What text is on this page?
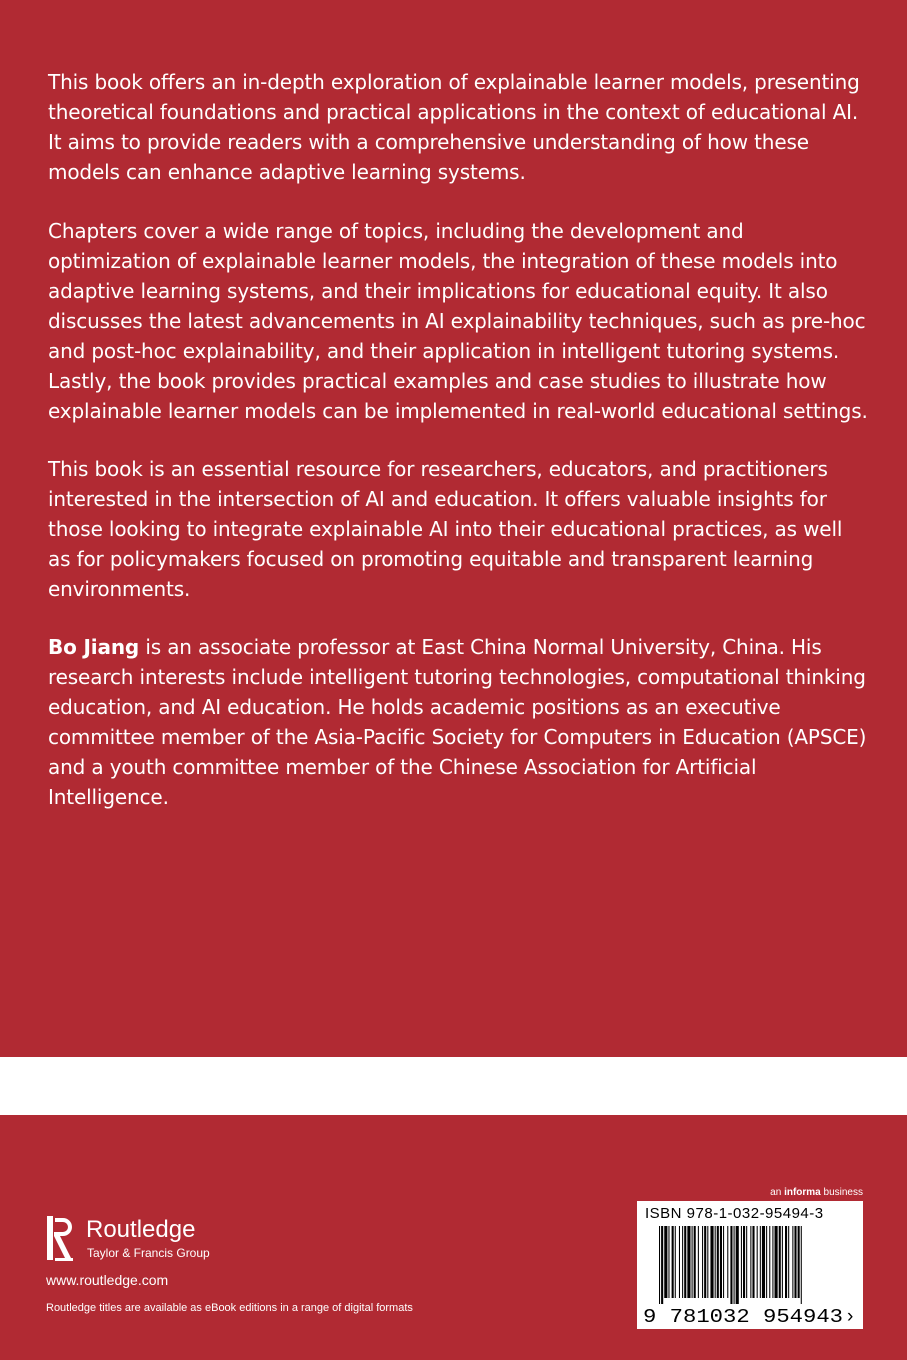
This book offers an in-depth exploration of explainable learner models, presenting theoretical foundations and practical applications in the context of educational AI. It aims to provide readers with a comprehensive understanding of how these models can enhance adaptive learning systems.

Chapters cover a wide range of topics, including the development and optimization of explainable learner models, the integration of these models into adaptive learning systems, and their implications for educational equity. It also discusses the latest advancements in AI explainability techniques, such as pre-hoc and post-hoc explainability, and their application in intelligent tutoring systems. Lastly, the book provides practical examples and case studies to illustrate how explainable learner models can be implemented in real-world educational settings.

This book is an essential resource for researchers, educators, and practitioners interested in the intersection of AI and education. It offers valuable insights for those looking to integrate explainable AI into their educational practices, as well as for policymakers focused on promoting equitable and transparent learning environments.

Bo Jiang is an associate professor at East China Normal University, China. His research interests include intelligent tutoring technologies, computational thinking education, and AI education. He holds academic positions as an executive committee member of the Asia-Pacific Society for Computers in Education (APSCE) and a youth committee member of the Chinese Association for Artificial Intelligence.

Routledge
Taylor & Francis Group
www.routledge.com
Routledge titles are available as eBook editions in a range of digital formats
an informa business
ISBN 978-1-032-95494-3
9 781032 954943 ›
